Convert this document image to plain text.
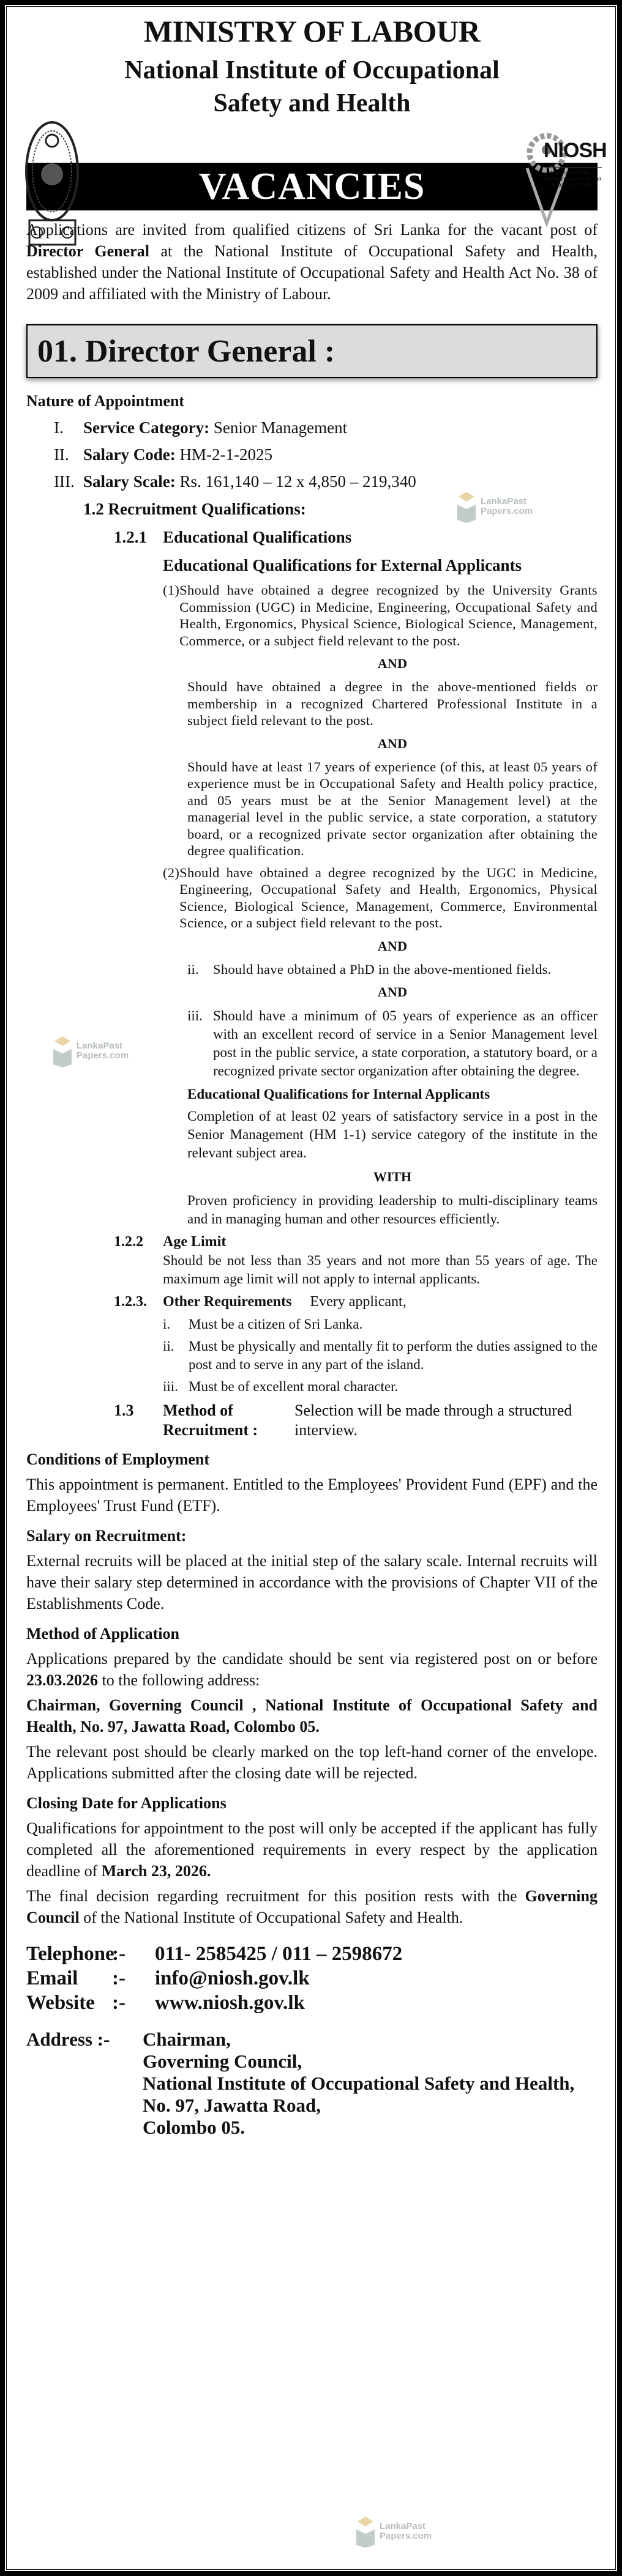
MINISTRY OF LABOUR
National Institute of Occupational Safety and Health
NIOSH
National Institute of Occupational Safety and Health • Sri Lanka
VACANCIES
Applications are invited from qualified citizens of Sri Lanka for the vacant post of Director General at the National Institute of Occupational Safety and Health, established under the National Institute of Occupational Safety and Health Act No. 38 of 2009 and affiliated with the Ministry of Labour.
01. Director General :
Nature of Appointment
I.	Service Category: Senior Management
II. Salary Code: HM-2-1-2025
III. Salary Scale: Rs. 161,140 – 12 x 4,850 – 219,340
1.2 Recruitment Qualifications:
1.2.1 Educational Qualifications
Educational Qualifications for External Applicants
(1) Should have obtained a degree recognized by the University Grants Commission (UGC) in Medicine, Engineering, Occupational Safety and Health, Ergonomics, Physical Science, Biological Science, Management, Commerce, or a subject field relevant to the post.
AND
Should have obtained a degree in the above-mentioned fields or membership in a recognized Chartered Professional Institute in a subject field relevant to the post.
AND
Should have at least 17 years of experience (of this, at least 05 years of experience must be in Occupational Safety and Health policy practice, and 05 years must be at the Senior Management level) at the managerial level in the public service, a state corporation, a statutory board, or a recognized private sector organization after obtaining the degree qualification.
(2) Should have obtained a degree recognized by the UGC in Medicine, Engineering, Occupational Safety and Health, Ergonomics, Physical Science, Biological Science, Management, Commerce, Environmental Science, or a subject field relevant to the post.
AND
ii.	Should have obtained a PhD in the above-mentioned fields.
AND
iii. Should have a minimum of 05 years of experience as an officer with an excellent record of service in a Senior Management level post in the public service, a state corporation, a statutory board, or a recognized private sector organization after obtaining the degree.
Educational Qualifications for Internal Applicants
Completion of at least 02 years of satisfactory service in a post in the Senior Management (HM 1-1) service category of the institute in the relevant subject area.
WITH
Proven proficiency in providing leadership to multi-disciplinary teams and in managing human and other resources efficiently.
1.2.2	Age Limit
Should be not less than 35 years and not more than 55 years of age. The maximum age limit will not apply to internal applicants.
1.2.3.	Other Requirements Every applicant,
i.	Must be a citizen of Sri Lanka.
ii.	Must be physically and mentally fit to perform the duties assigned to the post and to serve in any part of the island.
iii. Must be of excellent moral character.
1.3	Method of Recruitment :
Selection will be made through a structured interview.
Conditions of Employment
This appointment is permanent. Entitled to the Employees' Provident Fund (EPF) and the Employees' Trust Fund (ETF).
Salary on Recruitment:
External recruits will be placed at the initial step of the salary scale. Internal recruits will have their salary step determined in accordance with the provisions of Chapter VII of the Establishments Code.
Method of Application
Applications prepared by the candidate should be sent via registered post on or before 23.03.2026 to the following address:
Chairman, Governing Council , National Institute of Occupational Safety and Health, No. 97, Jawatta Road, Colombo 05.
The relevant post should be clearly marked on the top left-hand corner of the envelope. Applications submitted after the closing date will be rejected.
Closing Date for Applications
Qualifications for appointment to the post will only be accepted if the applicant has fully completed all the aforementioned requirements in every respect by the application deadline of March 23, 2026.
The final decision regarding recruitment for this position rests with the Governing Council of the National Institute of Occupational Safety and Health.
Telephone
:-	011- 2585425 / 011 – 2598672
Email	:-	info@niosh.gov.lk
Website :-	www.niosh.gov.lk
Address :-	Chairman,
Governing Council,
National Institute of Occupational Safety and Health,
No. 97, Jawatta Road,
Colombo 05.
LankaPast
Papers.com
LankaPast
Papers.com
LankaPast
Papers.com
